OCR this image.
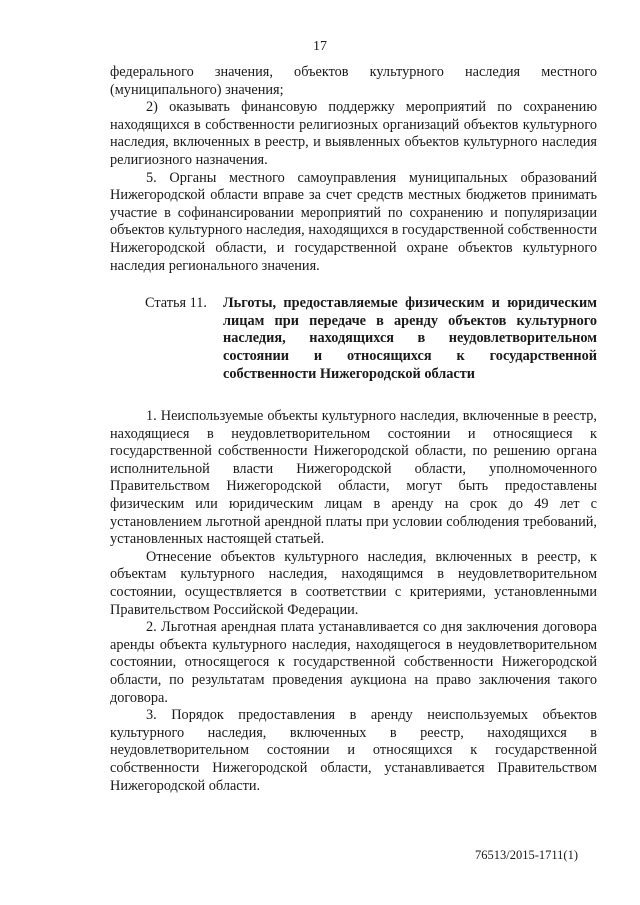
17

федерального значения, объектов культурного наследия местного (муниципального) значения;

2) оказывать финансовую поддержку мероприятий по сохранению находящихся в собственности религиозных организаций объектов культурного наследия, включенных в реестр, и выявленных объектов культурного наследия религиозного назначения.

5. Органы местного самоуправления муниципальных образований Нижегородской области вправе за счет средств местных бюджетов принимать участие в софинансировании мероприятий по сохранению и популяризации объектов культурного наследия, находящихся в государственной собственности Нижегородской области, и государственной охране объектов культурного наследия регионального значения.

Статья 11.	Льготы, предоставляемые физическим и юридическим лицам при передаче в аренду объектов культурного наследия, находящихся в неудовлетворительном состоянии и относящихся к государственной собственности Нижегородской области

1. Неиспользуемые объекты культурного наследия, включенные в реестр, находящиеся в неудовлетворительном состоянии и относящиеся к государственной собственности Нижегородской области, по решению органа исполнительной власти Нижегородской области, уполномоченного Правительством Нижегородской области, могут быть предоставлены физическим или юридическим лицам в аренду на срок до 49 лет с установлением льготной арендной платы при условии соблюдения требований, установленных настоящей статьей.

Отнесение объектов культурного наследия, включенных в реестр, к объектам культурного наследия, находящимся в неудовлетворительном состоянии, осуществляется в соответствии с критериями, установленными Правительством Российской Федерации.

2. Льготная арендная плата устанавливается со дня заключения договора аренды объекта культурного наследия, находящегося в неудовлетворительном состоянии, относящегося к государственной собственности Нижегородской области, по результатам проведения аукциона на право заключения такого договора.

3. Порядок предоставления в аренду неиспользуемых объектов культурного наследия, включенных в реестр, находящихся в неудовлетворительном состоянии и относящихся к государственной собственности Нижегородской области, устанавливается Правительством Нижегородской области.

76513/2015-1711(1)
